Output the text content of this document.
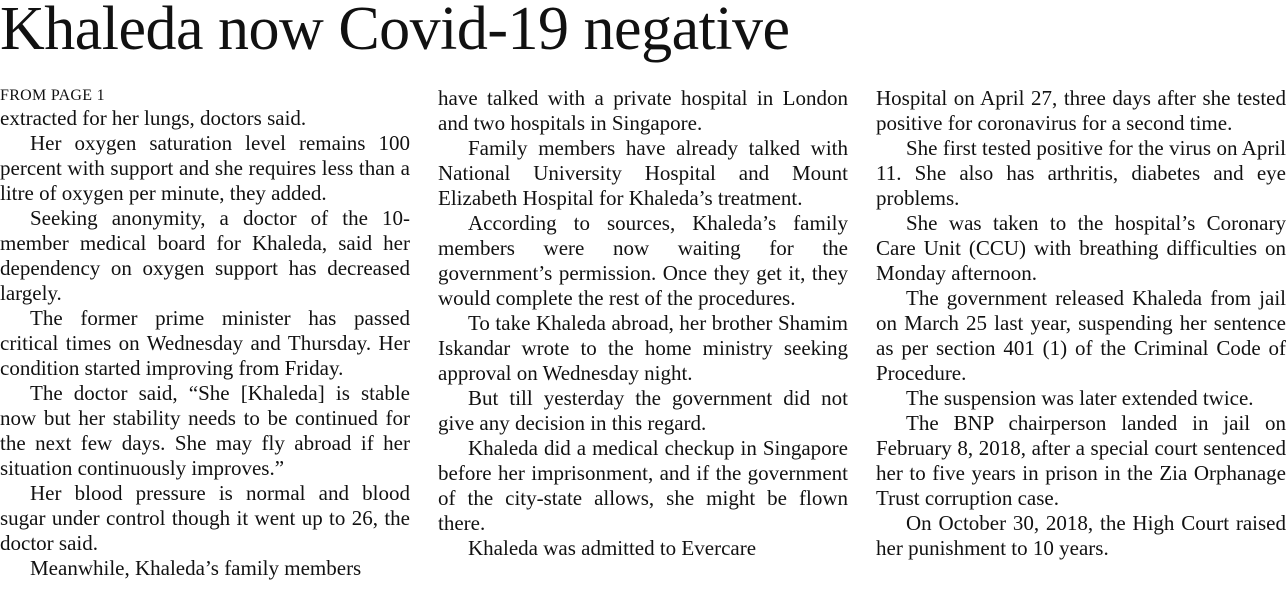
Khaleda now Covid-19 negative
FROM PAGE 1

extracted for her lungs, doctors said.

Her oxygen saturation level remains 100 percent with support and she requires less than a litre of oxygen per minute, they added.

Seeking anonymity, a doctor of the 10-member medical board for Khaleda, said her dependency on oxygen support has decreased largely.

The former prime minister has passed critical times on Wednesday and Thursday. Her condition started improving from Friday.

The doctor said, “She [Khaleda] is stable now but her stability needs to be continued for the next few days. She may fly abroad if her situation continuously improves.”

Her blood pressure is normal and blood sugar under control though it went up to 26, the doctor said.

Meanwhile, Khaleda’s family members

have talked with a private hospital in London and two hospitals in Singapore.

Family members have already talked with National University Hospital and Mount Elizabeth Hospital for Khaleda’s treatment.

According to sources, Khaleda’s family members were now waiting for the government’s permission. Once they get it, they would complete the rest of the procedures.

To take Khaleda abroad, her brother Shamim Iskandar wrote to the home ministry seeking approval on Wednesday night.

But till yesterday the government did not give any decision in this regard.

Khaleda did a medical checkup in Singapore before her imprisonment, and if the government of the city-state allows, she might be flown there.

Khaleda was admitted to Evercare

Hospital on April 27, three days after she tested positive for coronavirus for a second time.

She first tested positive for the virus on April 11. She also has arthritis, diabetes and eye problems.

She was taken to the hospital’s Coronary Care Unit (CCU) with breathing difficulties on Monday afternoon.

The government released Khaleda from jail on March 25 last year, suspending her sentence as per section 401 (1) of the Criminal Code of Procedure.

The suspension was later extended twice.

The BNP chairperson landed in jail on February 8, 2018, after a special court sentenced her to five years in prison in the Zia Orphanage Trust corruption case.

On October 30, 2018, the High Court raised her punishment to 10 years.
